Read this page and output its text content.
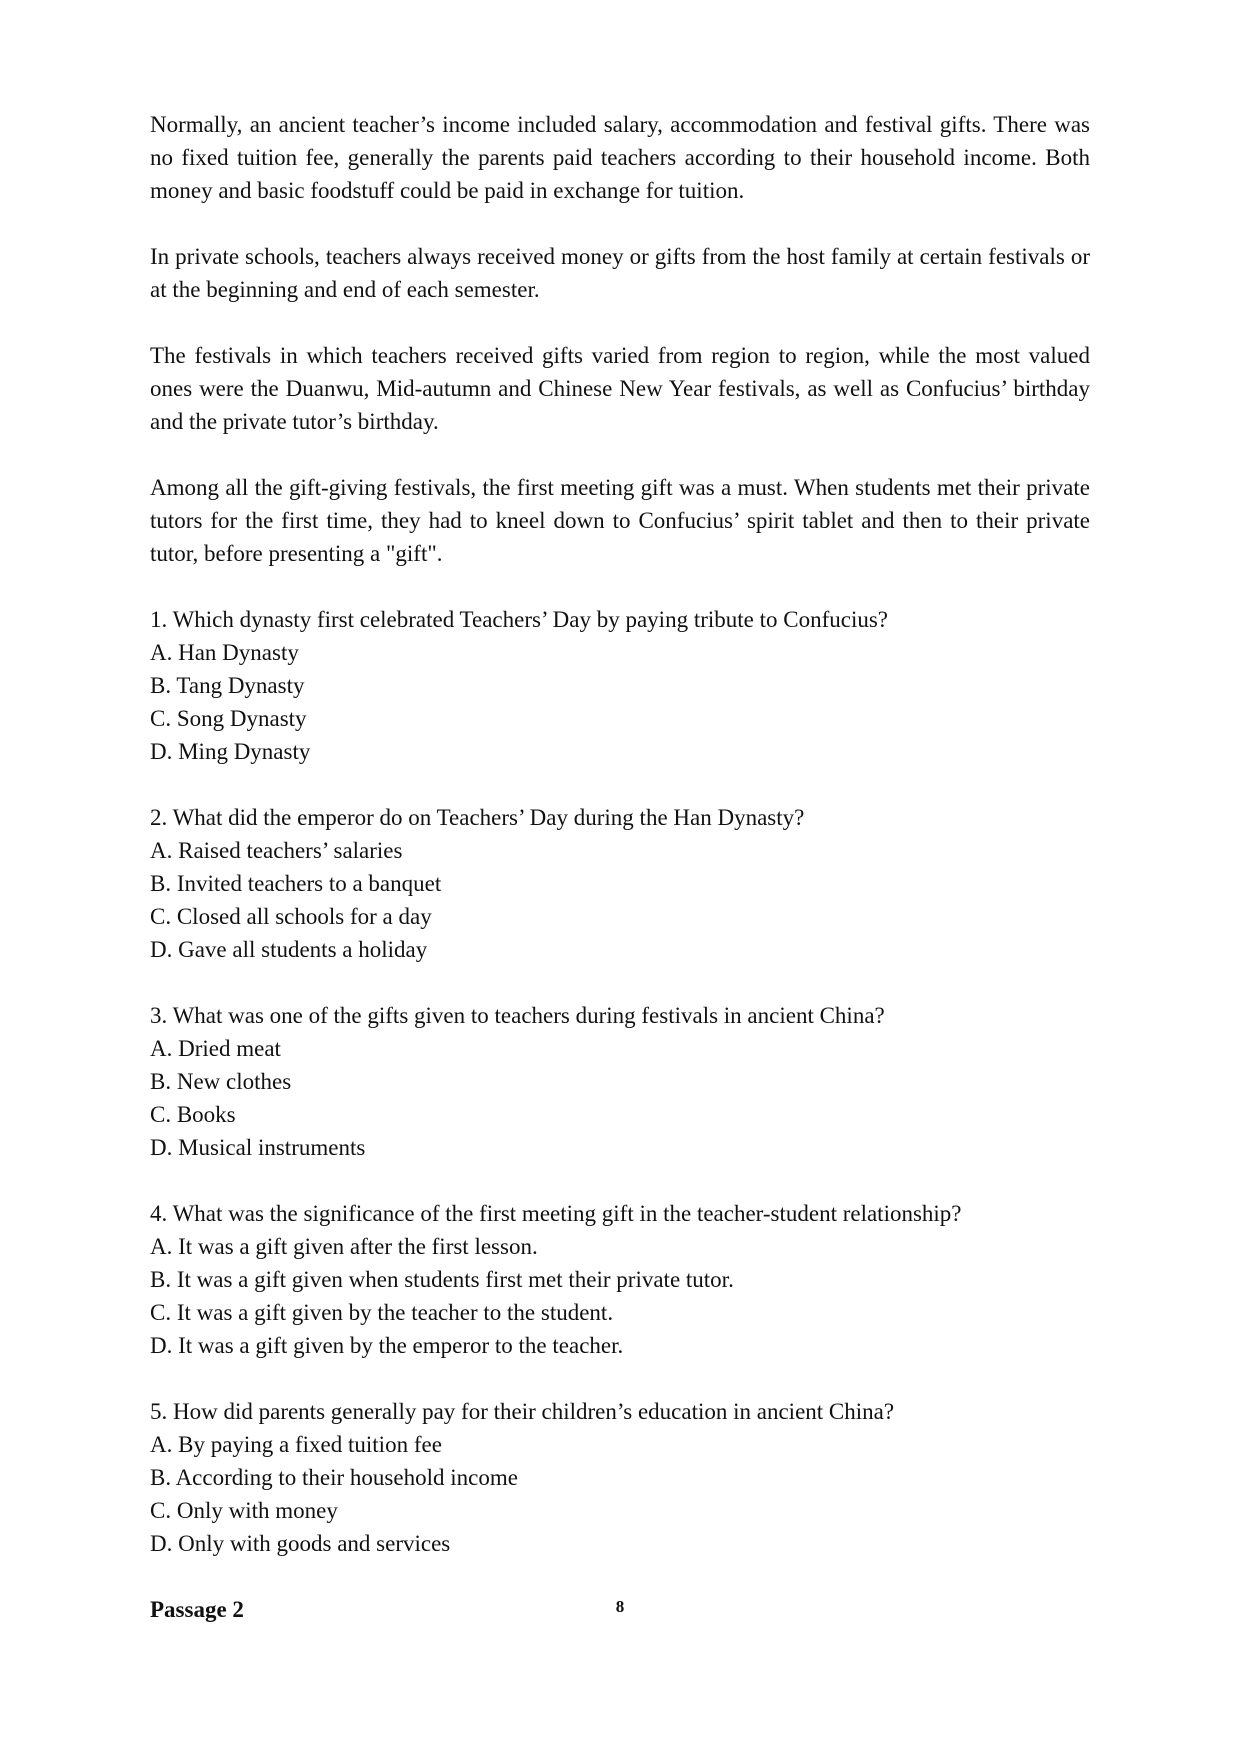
Normally, an ancient teacher’s income included salary, accommodation and festival gifts. There was no fixed tuition fee, generally the parents paid teachers according to their household income. Both money and basic foodstuff could be paid in exchange for tuition.

In private schools, teachers always received money or gifts from the host family at certain festivals or at the beginning and end of each semester.

The festivals in which teachers received gifts varied from region to region, while the most valued ones were the Duanwu, Mid-autumn and Chinese New Year festivals, as well as Confucius’ birthday and the private tutor’s birthday.

Among all the gift-giving festivals, the first meeting gift was a must. When students met their private tutors for the first time, they had to kneel down to Confucius’ spirit tablet and then to their private tutor, before presenting a "gift".

1. Which dynasty first celebrated Teachers’ Day by paying tribute to Confucius?

A. Han Dynasty

B. Tang Dynasty

C. Song Dynasty

D. Ming Dynasty

2. What did the emperor do on Teachers’ Day during the Han Dynasty?

A. Raised teachers’ salaries

B. Invited teachers to a banquet

C. Closed all schools for a day

D. Gave all students a holiday

3. What was one of the gifts given to teachers during festivals in ancient China?

A. Dried meat

B. New clothes

C. Books

D. Musical instruments

4. What was the significance of the first meeting gift in the teacher-student relationship?

A. It was a gift given after the first lesson.

B. It was a gift given when students first met their private tutor.

C. It was a gift given by the teacher to the student.

D. It was a gift given by the emperor to the teacher.

5. How did parents generally pay for their children’s education in ancient China?

A. By paying a fixed tuition fee

B. According to their household income

C. Only with money

D. Only with goods and services

Passage 2	8
